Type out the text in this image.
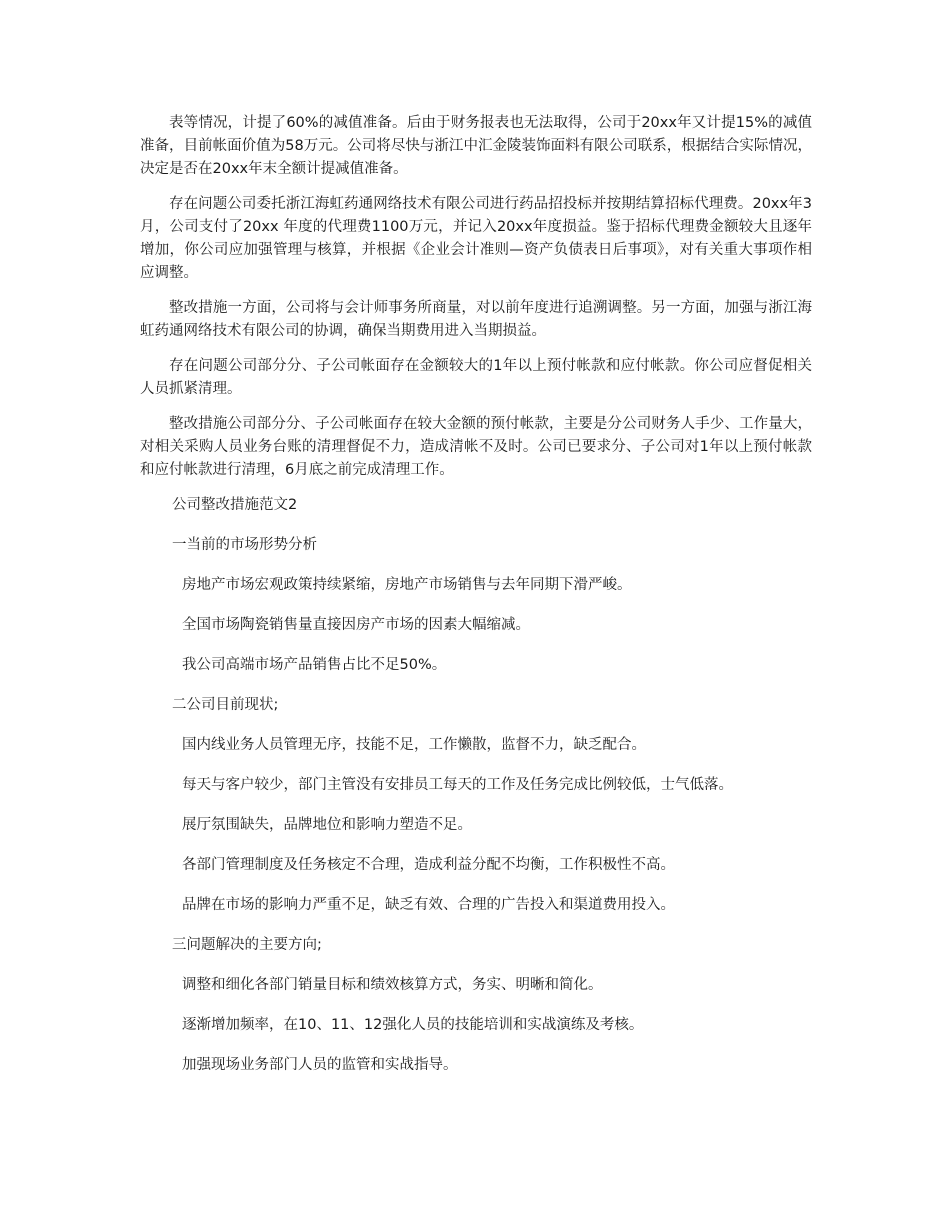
表等情况，计提了60%的减值准备。后由于财务报表也无法取得，公司于20xx年又计提15%的减值准备，目前帐面价值为58万元。公司将尽快与浙江中汇金陵装饰面料有限公司联系，根据结合实际情况，决定是否在20xx年末全额计提减值准备。

存在问题公司委托浙江海虹药通网络技术有限公司进行药品招投标并按期结算招标代理费。20xx年3月，公司支付了20xx 年度的代理费1100万元，并记入20xx年度损益。鉴于招标代理费金额较大且逐年增加，你公司应加强管理与核算，并根据《企业会计准则—资产负债表日后事项》，对有关重大事项作相应调整。

整改措施一方面，公司将与会计师事务所商量，对以前年度进行追溯调整。另一方面，加强与浙江海虹药通网络技术有限公司的协调，确保当期费用进入当期损益。

存在问题公司部分分、子公司帐面存在金额较大的1年以上预付帐款和应付帐款。你公司应督促相关人员抓紧清理。

整改措施公司部分分、子公司帐面存在较大金额的预付帐款，主要是分公司财务人手少、工作量大，对相关采购人员业务台账的清理督促不力，造成清帐不及时。公司已要求分、子公司对1年以上预付帐款和应付帐款进行清理，6月底之前完成清理工作。

公司整改措施范文2

一当前的市场形势分析

房地产市场宏观政策持续紧缩，房地产市场销售与去年同期下滑严峻。

全国市场陶瓷销售量直接因房产市场的因素大幅缩减。

我公司高端市场产品销售占比不足50%。

二公司目前现状;

国内线业务人员管理无序，技能不足，工作懒散，监督不力，缺乏配合。

每天与客户较少，部门主管没有安排员工每天的工作及任务完成比例较低，士气低落。

展厅氛围缺失，品牌地位和影响力塑造不足。

各部门管理制度及任务核定不合理，造成利益分配不均衡，工作积极性不高。

品牌在市场的影响力严重不足，缺乏有效、合理的广告投入和渠道费用投入。

三问题解决的主要方向;

调整和细化各部门销量目标和绩效核算方式，务实、明晰和简化。

逐渐增加频率，在10、11、12强化人员的技能培训和实战演练及考核。

加强现场业务部门人员的监管和实战指导。
